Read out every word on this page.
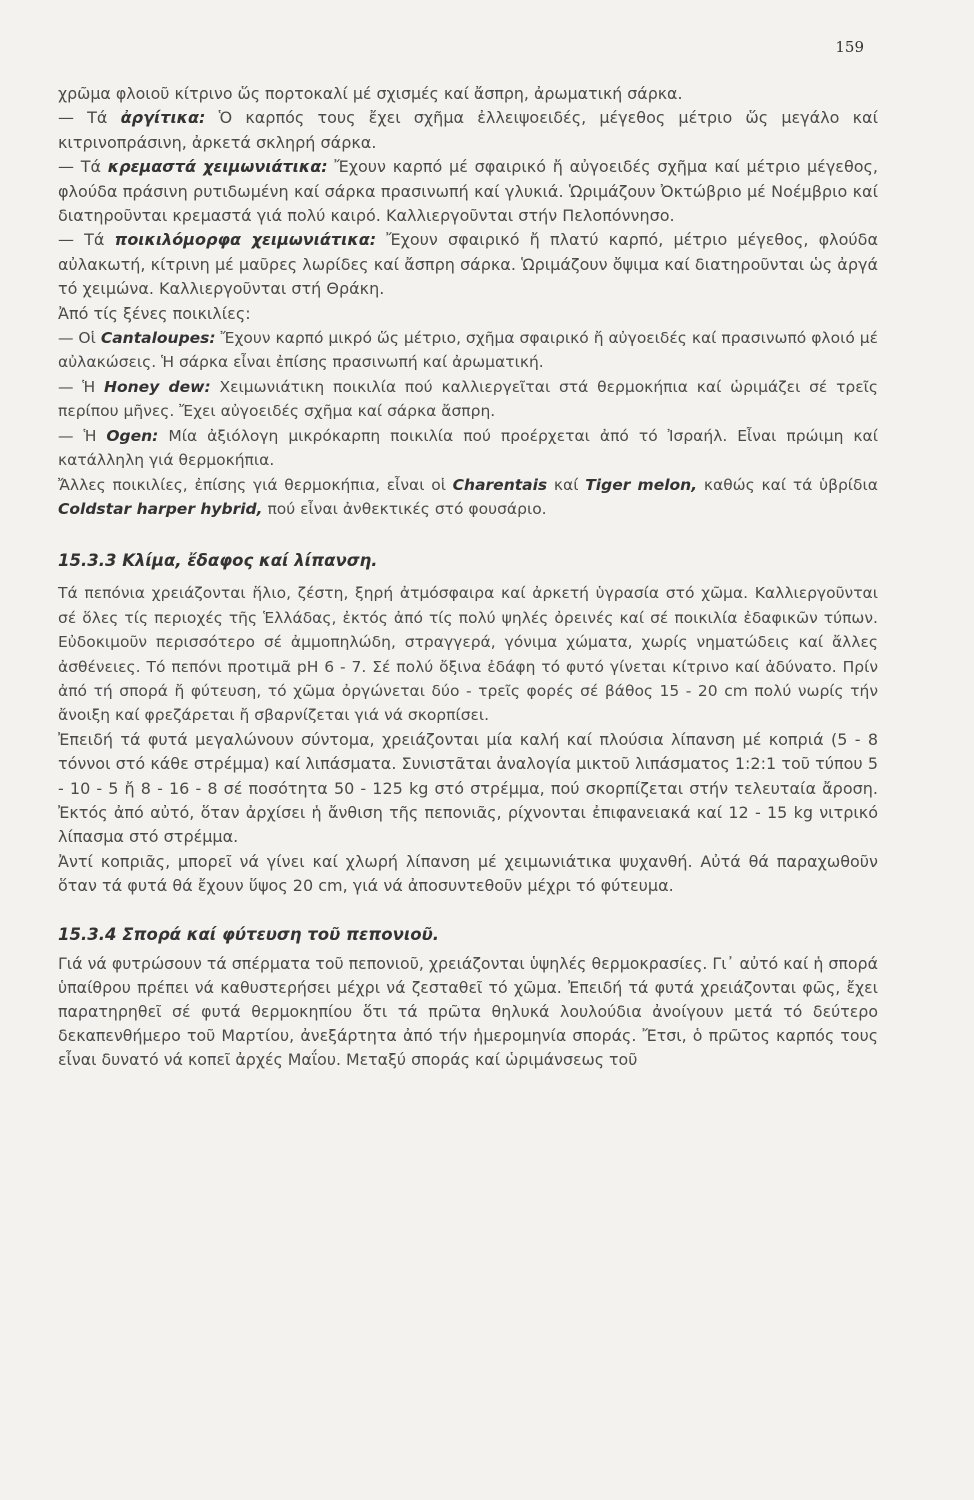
159

χρῶμα φλοιοῦ κίτρινο ὥς πορτοκαλί μέ σχισμές καί ἄσπρη, ἀρωματική σάρκα.

— Τά ἀργίτικα: Ὁ καρπός τους ἔχει σχῆμα ἐλλειψοειδές, μέγεθος μέτριο ὥς μεγάλο καί κιτρινοπράσινη, ἀρκετά σκληρή σάρκα.

— Τά κρεμαστά χειμωνιάτικα: Ἔχουν καρπό μέ σφαιρικό ἤ αὐγοειδές σχῆμα καί μέτριο μέγεθος, φλούδα πράσινη ρυτιδωμένη καί σάρκα πρασινωπή καί γλυκιά. Ὡριμάζουν Ὀκτώβριο μέ Νοέμβριο καί διατηροῦνται κρεμαστά γιά πολύ καιρό. Καλλιεργοῦνται στήν Πελοπόννησο.

— Τά ποικιλόμορφα χειμωνιάτικα: Ἔχουν σφαιρικό ἤ πλατύ καρπό, μέτριο μέγεθος, φλούδα αὐλακωτή, κίτρινη μέ μαῦρες λωρίδες καί ἄσπρη σάρκα. Ὡριμάζουν ὄψιμα καί διατηροῦνται ὡς ἀργά τό χειμώνα. Καλλιεργοῦνται στή Θράκη.

Ἀπό τίς ξένες ποικιλίες:

— Οἱ Cantaloupes: Ἔχουν καρπό μικρό ὥς μέτριο, σχῆμα σφαιρικό ἤ αὐγοειδές καί πρασινωπό φλοιό μέ αὐλακώσεις. Ἡ σάρκα εἶναι ἐπίσης πρασινωπή καί ἀρωματική.

— Ἡ Honey dew: Χειμωνιάτικη ποικιλία πού καλλιεργεῖται στά θερμοκήπια καί ὡριμάζει σέ τρεῖς περίπου μῆνες. Ἔχει αὐγοειδές σχῆμα καί σάρκα ἄσπρη.

— Ἡ Ogen: Μία ἀξιόλογη μικρόκαρπη ποικιλία πού προέρχεται ἀπό τό Ἰσραήλ. Εἶναι πρώιμη καί κατάλληλη γιά θερμοκήπια.

Ἄλλες ποικιλίες, ἐπίσης γιά θερμοκήπια, εἶναι οἱ Charentais καί Tiger melon, καθώς καί τά ὑβρίδια Coldstar harper hybrid, πού εἶναι ἀνθεκτικές στό φουσάριο.

15.3.3 Κλίμα, ἔδαφος καί λίπανση.

Τά πεπόνια χρειάζονται ἥλιο, ζέστη, ξηρή ἀτμόσφαιρα καί ἀρκετή ὑγρασία στό χῶμα. Καλλιεργοῦνται σέ ὅλες τίς περιοχές τῆς Ἑλλάδας, ἐκτός ἀπό τίς πολύ ψηλές ὀρεινές καί σέ ποικιλία ἐδαφικῶν τύπων. Εὐδοκιμοῦν περισσότερο σέ ἀμμοπηλώδη, στραγγερά, γόνιμα χώματα, χωρίς νηματώδεις καί ἄλλες ἀσθένειες. Τό πεπόνι προτιμᾶ pH 6 - 7. Σέ πολύ ὄξινα ἐδάφη τό φυτό γίνεται κίτρινο καί ἀδύνατο. Πρίν ἀπό τή σπορά ἤ φύτευση, τό χῶμα ὀργώνεται δύο - τρεῖς φορές σέ βάθος 15 - 20 cm πολύ νωρίς τήν ἄνοιξη καί φρεζάρεται ἤ σβαρνίζεται γιά νά σκορπίσει.

Ἐπειδή τά φυτά μεγαλώνουν σύντομα, χρειάζονται μία καλή καί πλούσια λίπανση μέ κοπριά (5 - 8 τόννοι στό κάθε στρέμμα) καί λιπάσματα. Συνιστᾶται ἀναλογία μικτοῦ λιπάσματος 1:2:1 τοῦ τύπου 5 - 10 - 5 ἤ 8 - 16 - 8 σέ ποσότητα 50 - 125 kg στό στρέμμα, πού σκορπίζεται στήν τελευταία ἄροση. Ἐκτός ἀπό αὐτό, ὅταν ἀρχίσει ἡ ἄνθιση τῆς πεπονιᾶς, ρίχνονται ἐπιφανειακά καί 12 - 15 kg νιτρικό λίπασμα στό στρέμμα.

Ἀντί κοπριᾶς, μπορεῖ νά γίνει καί χλωρή λίπανση μέ χειμωνιάτικα ψυχανθή. Αὐτά θά παραχωθοῦν ὅταν τά φυτά θά ἔχουν ὕψος 20 cm, γιά νά ἀποσυντεθοῦν μέχρι τό φύτευμα.

15.3.4 Σπορά καί φύτευση τοῦ πεπονιοῦ.

Γιά νά φυτρώσουν τά σπέρματα τοῦ πεπονιοῦ, χρειάζονται ὑψηλές θερμοκρασίες. Γι᾽ αὐτό καί ἡ σπορά ὑπαίθρου πρέπει νά καθυστερήσει μέχρι νά ζεσταθεῖ τό χῶμα. Ἐπειδή τά φυτά χρειάζονται φῶς, ἔχει παρατηρηθεῖ σέ φυτά θερμοκηπίου ὅτι τά πρῶτα θηλυκά λουλούδια ἀνοίγουν μετά τό δεύτερο δεκαπενθήμερο τοῦ Μαρτίου, ἀνεξάρτητα ἀπό τήν ἡμερομηνία σποράς. Ἔτσι, ὁ πρῶτος καρπός τους εἶναι δυνατό νά κοπεῖ ἀρχές Μαΐου. Μεταξύ σποράς καί ὡριμάνσεως τοῦ
